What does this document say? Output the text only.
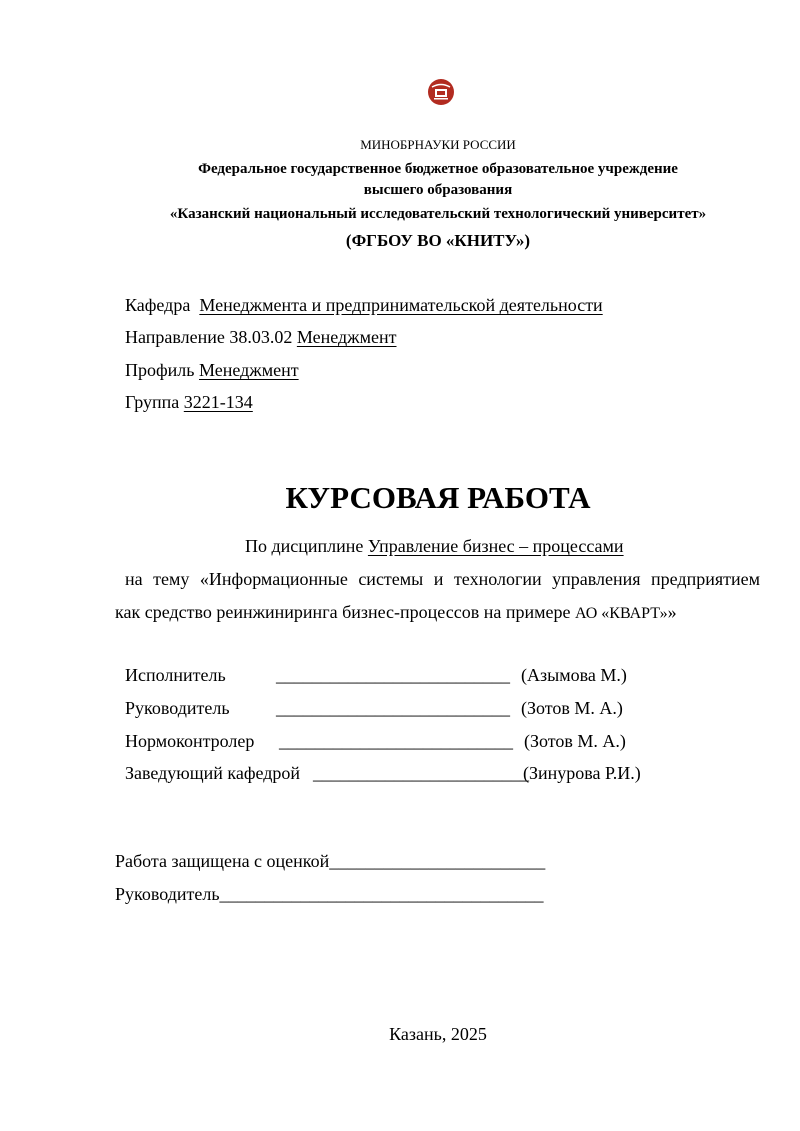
МИНОБРНАУКИ РОССИИ
Федеральное государственное бюджетное образовательное учреждение
высшего образования
«Казанский национальный исследовательский технологический университет»
(ФГБОУ ВО «КНИТУ»)
Кафедра Менеджмента и предпринимательской деятельности
Направление 38.03.02 Менеджмент
Профиль Менеджмент
Группа 3221-134
КУРСОВАЯ РАБОТА
По дисциплине Управление бизнес – процессами
на тему «Информационные системы и технологии управления предприятием
как средство реинжиниринга бизнес-процессов на примере АО «КВАРТ»»
Исполнитель	__________________________ (Азымова М.)
Руководитель	__________________________ (Зотов М. А.)
Нормоконтролер __________________________ (Зотов М. А.)
Заведующий кафедрой ________________________
(Зинурова Р.И.)
Работа защищена с оценкой________________________
Руководитель____________________________________
Казань, 2025
